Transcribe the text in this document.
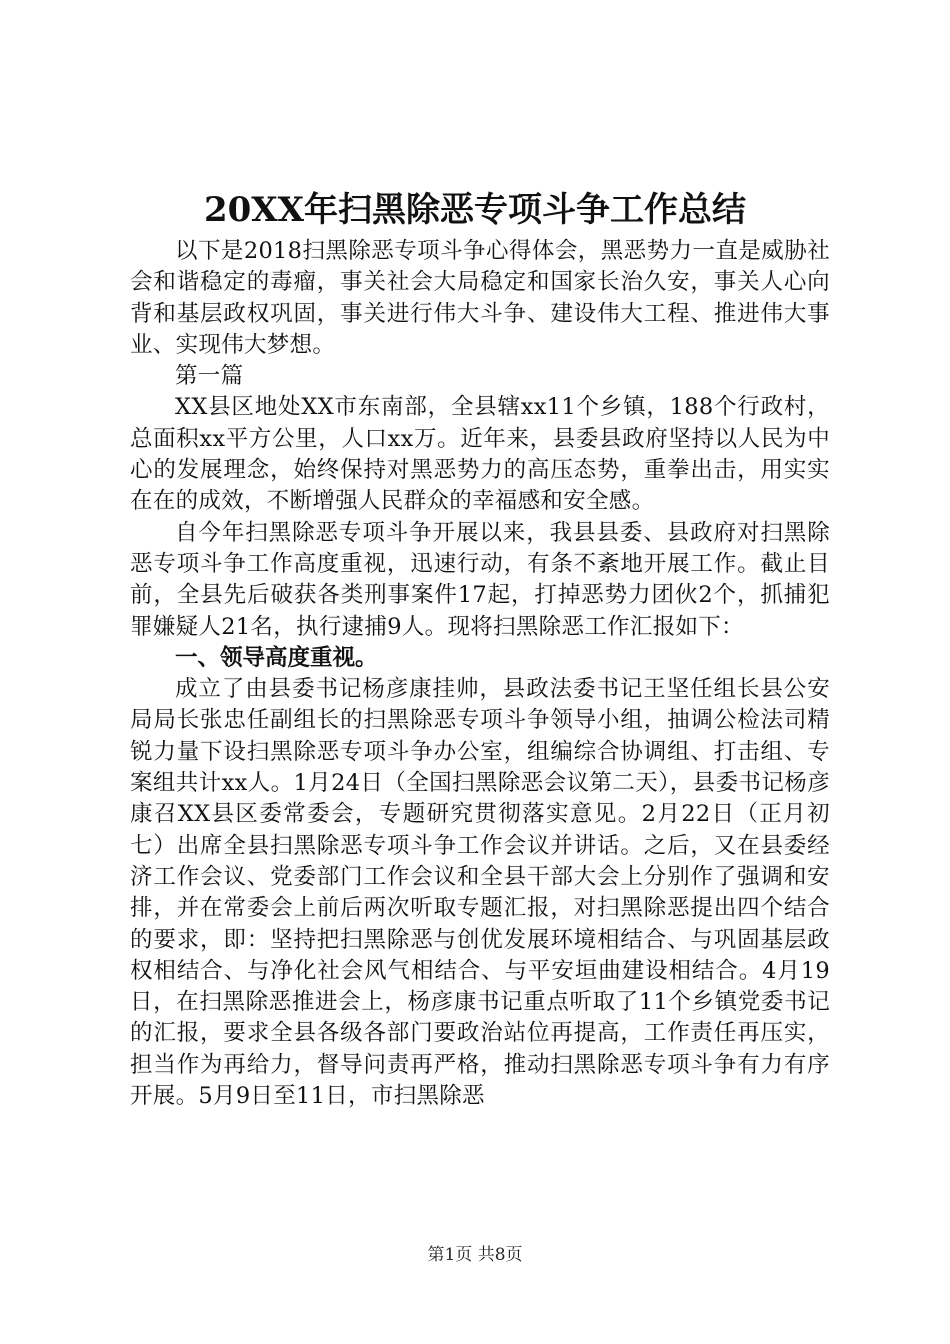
20XX年扫黑除恶专项斗争工作总结

以下是2018扫黑除恶专项斗争心得体会，黑恶势力一直是威胁社会和谐稳定的毒瘤，事关社会大局稳定和国家长治久安，事关人心向背和基层政权巩固，事关进行伟大斗争、建设伟大工程、推进伟大事业、实现伟大梦想。

第一篇

XX县区地处XX市东南部，全县辖xx11个乡镇，188个行政村，总面积xx平方公里，人口xx万。近年来，县委县政府坚持以人民为中心的发展理念，始终保持对黑恶势力的高压态势，重拳出击，用实实在在的成效，不断增强人民群众的幸福感和安全感。

自今年扫黑除恶专项斗争开展以来，我县县委、县政府对扫黑除恶专项斗争工作高度重视，迅速行动，有条不紊地开展工作。截止目前，全县先后破获各类刑事案件17起，打掉恶势力团伙2个，抓捕犯罪嫌疑人21名，执行逮捕9人。现将扫黑除恶工作汇报如下：

一、领导高度重视。

成立了由县委书记杨彦康挂帅，县政法委书记王坚任组长县公安局局长张忠任副组长的扫黑除恶专项斗争领导小组，抽调公检法司精锐力量下设扫黑除恶专项斗争办公室，组编综合协调组、打击组、专案组共计xx人。1月24日（全国扫黑除恶会议第二天），县委书记杨彦康召XX县区委常委会，专题研究贯彻落实意见。2月22日（正月初七）出席全县扫黑除恶专项斗争工作会议并讲话。之后，又在县委经济工作会议、党委部门工作会议和全县干部大会上分别作了强调和安排，并在常委会上前后两次听取专题汇报，对扫黑除恶提出四个结合的要求，即：坚持把扫黑除恶与创优发展环境相结合、与巩固基层政权相结合、与净化社会风气相结合、与平安垣曲建设相结合。4月19日，在扫黑除恶推进会上，杨彦康书记重点听取了11个乡镇党委书记的汇报，要求全县各级各部门要政治站位再提高，工作责任再压实，担当作为再给力，督导问责再严格，推动扫黑除恶专项斗争有力有序开展。5月9日至11日，市扫黑除恶

第1页 共8页
